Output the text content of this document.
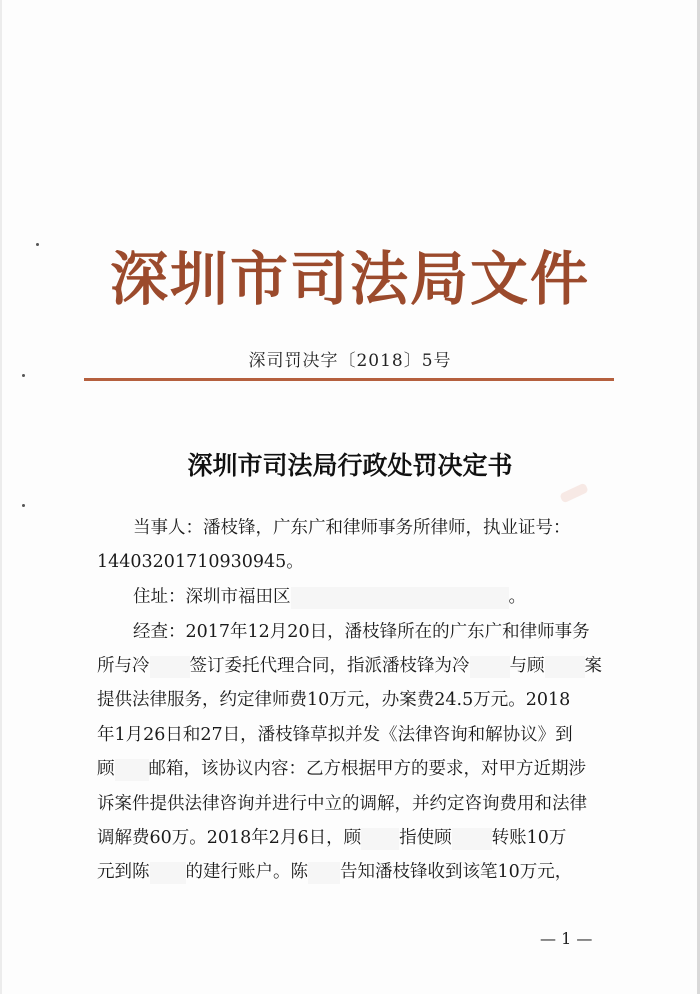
深圳市司法局文件
深司罚决字〔2018〕5号
深圳市司法局行政处罚决定书
当事人：潘枝锋，广东广和律师事务所律师，执业证号：
14403201710930945。
住址：深圳市福田区	。
经查：2017年12月20日，潘枝锋所在的广东广和律师事务
所与冷 签订委托代理合同，指派潘枝锋为冷 与顾 案
提供法律服务，约定律师费10万元，办案费24.5万元。2018
年1月26日和27日，潘枝锋草拟并发《法律咨询和解协议》到
顾 邮箱，该协议内容：乙方根据甲方的要求，对甲方近期涉
诉案件提供法律咨询并进行中立的调解，并约定咨询费用和法律
调解费60万。2018年2月6日，顾 指使顾 转账10万
元到陈 的建行账户。陈 告知潘枝锋收到该笔10万元，
— 1 —
